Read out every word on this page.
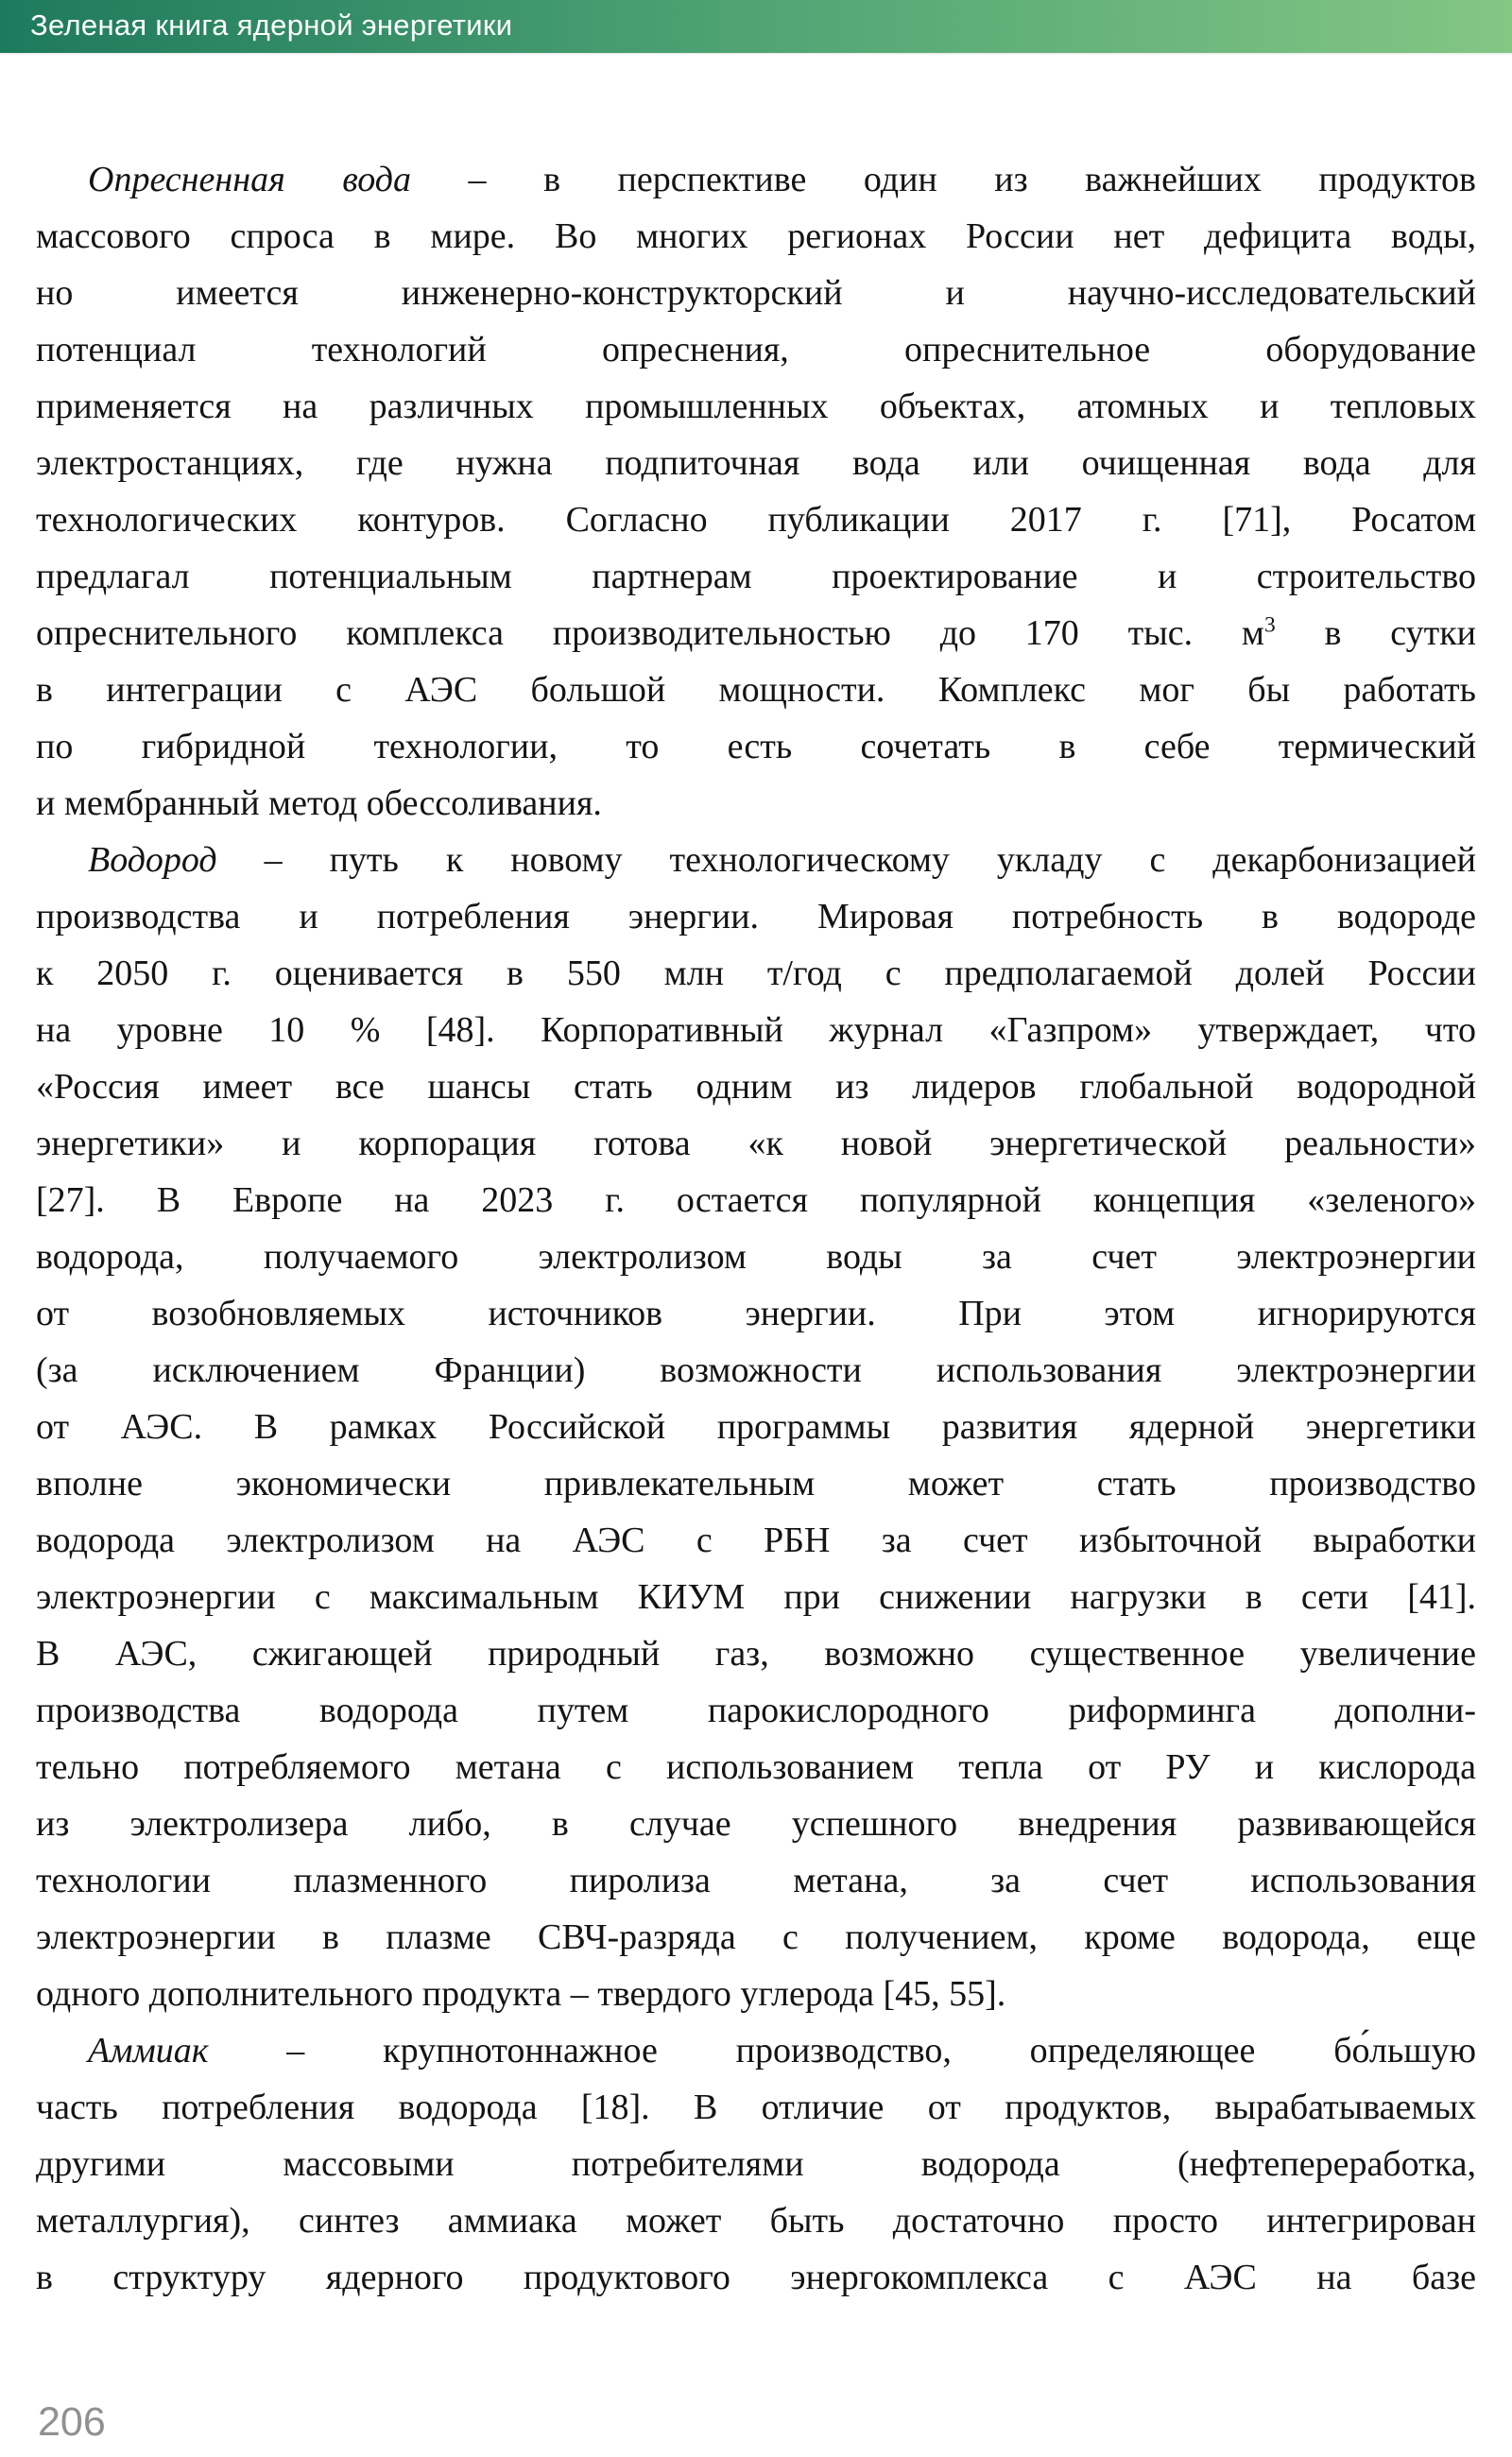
Зеленая книга ядерной энергетики
Опресненная вода – в перспективе один из важнейших продуктов
массового спроса в мире. Во многих регионах России нет дефицита воды,
но имеется инженерно-конструкторский и научно-исследовательский
потенциал технологий опреснения, опреснительное оборудование
применяется на различных промышленных объектах, атомных и тепловых
электростанциях, где нужна подпиточная вода или очищенная вода для
технологических контуров. Согласно публикации 2017 г. [71], Росатом
предлагал потенциальным партнерам проектирование и строительство
опреснительного комплекса производительностью до 170 тыс. $м^3$ в сутки
в интеграции с АЭС большой мощности. Комплекс мог бы работать
по гибридной технологии, то есть сочетать в себе термический
и мембранный метод обессоливания.
Водород – путь к новому технологическому укладу с декарбонизацией
производства и потребления энергии. Мировая потребность в водороде
к 2050 г. оценивается в 550 млн т/год с предполагаемой долей России
на уровне 10 % [48]. Корпоративный журнал «Газпром» утверждает, что
«Россия имеет все шансы стать одним из лидеров глобальной водородной
энергетики» и корпорация готова «к новой энергетической реальности»
[27]. В Европе на 2023 г. остается популярной концепция «зеленого»
водорода, получаемого электролизом воды за счет электроэнергии
от возобновляемых источников энергии. При этом игнорируются
(за исключением Франции) возможности использования электроэнергии
от АЭС. В рамках Российской программы развития ядерной энергетики
вполне экономически привлекательным может стать производство
водорода электролизом на АЭС с РБН за счет избыточной выработки
электроэнергии с максимальным КИУМ при снижении нагрузки в сети [41].
В АЭС, сжигающей природный газ, возможно существенное увеличение
производства водорода путем парокислородного риформинга дополни-
тельно потребляемого метана с использованием тепла от РУ и кислорода
из электролизера либо, в случае успешного внедрения развивающейся
технологии плазменного пиролиза метана, за счет использования
электроэнергии в плазме СВЧ-разряда с получением, кроме водорода, еще
одного дополнительного продукта – твердого углерода [45, 55].
Аммиак – крупнотоннажное производство, определяющее бо́льшую
часть потребления водорода [18]. В отличие от продуктов, вырабатываемых
другими массовыми потребителями водорода (нефтепереработка,
металлургия), синтез аммиака может быть достаточно просто интегрирован
в структуру ядерного продуктового энергокомплекса с АЭС на базе
206
